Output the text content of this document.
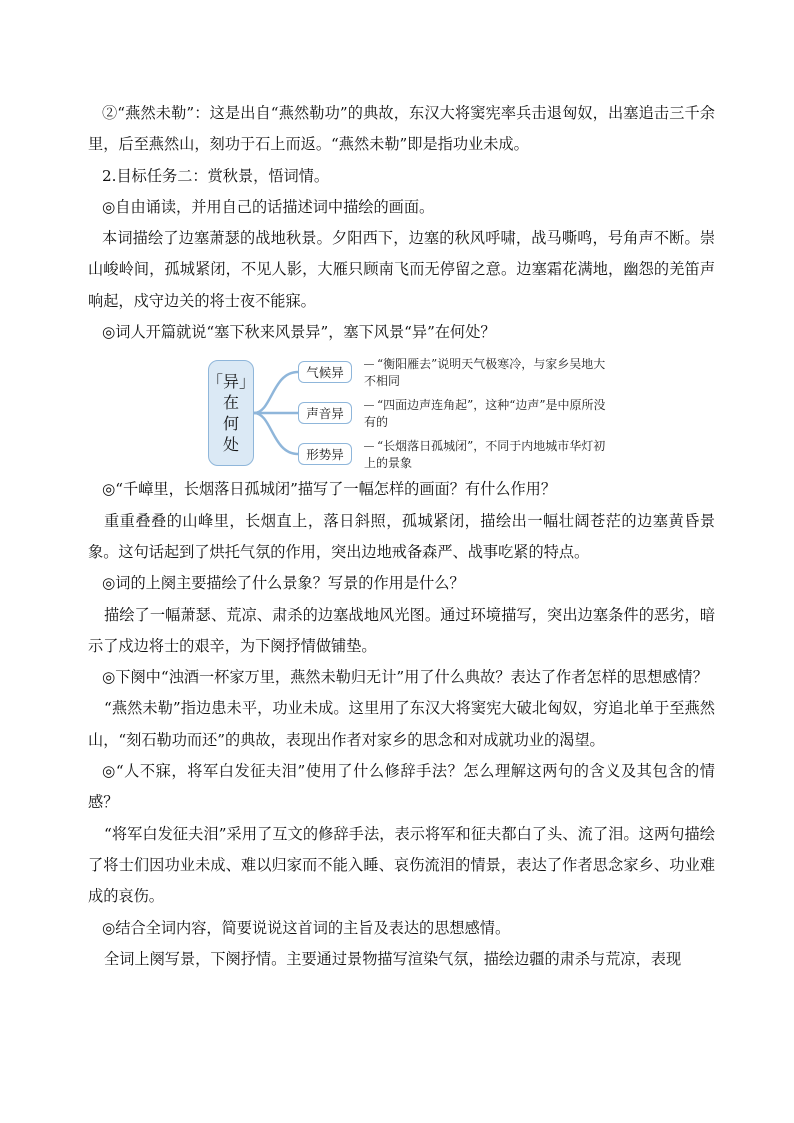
②“燕然未勒”：这是出自“燕然勒功”的典故，东汉大将窦宪率兵击退匈奴，出塞追击三千余里，后至燕然山，刻功于石上而返。“燕然未勒”即是指功业未成。

2.目标任务二：赏秋景，悟词情。

◎自由诵读，并用自己的话描述词中描绘的画面。

本词描绘了边塞萧瑟的战地秋景。夕阳西下，边塞的秋风呼啸，战马嘶鸣，号角声不断。崇山峻岭间，孤城紧闭，不见人影，大雁只顾南飞而无停留之意。边塞霜花满地，幽怨的羌笛声响起，戍守边关的将士夜不能寐。

◎词人开篇就说“塞下秋来风景异”，塞下风景“异”在何处？

「异」
在
何
处
气候异
“衡阳雁去”说明天气极寒冷，与家乡吴地大不相同
声音异
“四面边声连角起”，这种“边声”是中原所没有的
形势异
“长烟落日孤城闭”，不同于内地城市华灯初上的景象

◎“千嶂里，长烟落日孤城闭”描写了一幅怎样的画面？有什么作用？

重重叠叠的山峰里，长烟直上，落日斜照，孤城紧闭，描绘出一幅壮阔苍茫的边塞黄昏景象。这句话起到了烘托气氛的作用，突出边地戒备森严、战事吃紧的特点。

◎词的上阕主要描绘了什么景象？写景的作用是什么？

描绘了一幅萧瑟、荒凉、肃杀的边塞战地风光图。通过环境描写，突出边塞条件的恶劣，暗示了戍边将士的艰辛，为下阕抒情做铺垫。

◎下阕中“浊酒一杯家万里，燕然未勒归无计”用了什么典故？表达了作者怎样的思想感情？

“燕然未勒”指边患未平，功业未成。这里用了东汉大将窦宪大破北匈奴，穷追北单于至燕然山，“刻石勒功而还”的典故，表现出作者对家乡的思念和对成就功业的渴望。

◎“人不寐，将军白发征夫泪”使用了什么修辞手法？怎么理解这两句的含义及其包含的情感？

“将军白发征夫泪”采用了互文的修辞手法，表示将军和征夫都白了头、流了泪。这两句描绘了将士们因功业未成、难以归家而不能入睡、哀伤流泪的情景，表达了作者思念家乡、功业难成的哀伤。

◎结合全词内容，简要说说这首词的主旨及表达的思想感情。

全词上阕写景，下阕抒情。主要通过景物描写渲染气氛，描绘边疆的肃杀与荒凉，表现
